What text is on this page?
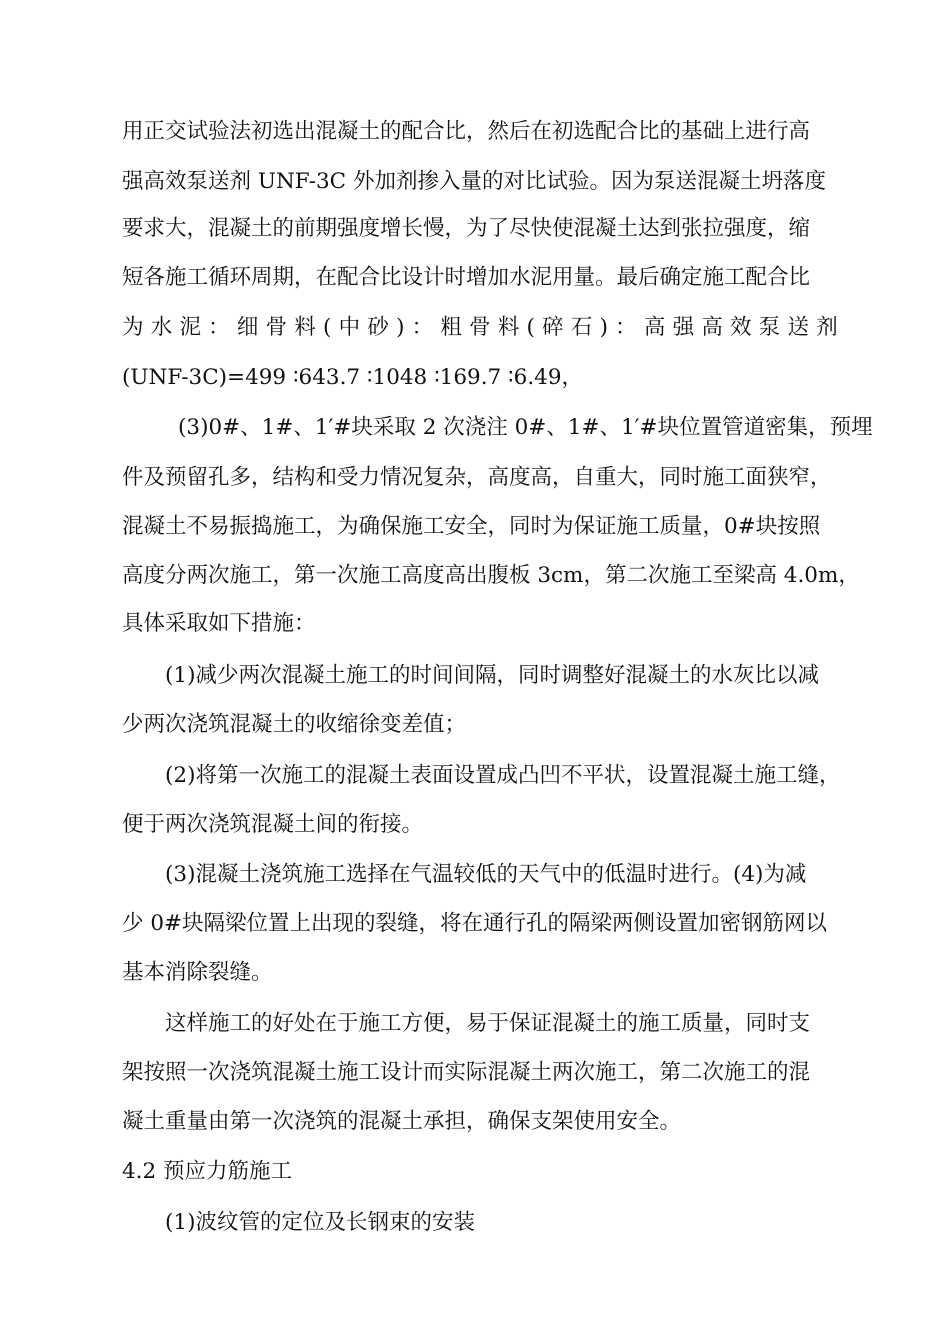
用正交试验法初选出混凝土的配合比，然后在初选配合比的基础上进行高
强高效泵送剂 UNF-3C 外加剂掺入量的对比试验。因为泵送混凝土坍落度
要求大，混凝土的前期强度增长慢，为了尽快使混凝土达到张拉强度，缩
短各施工循环周期，在配合比设计时增加水泥用量。最后确定施工配合比
为 水 泥 ： 细 骨 料 ( 中 砂 ) ： 粗 骨 料 ( 碎 石 ) ： 高 强 高 效 泵 送 剂
(UNF-3C)=499 ∶643.7 ∶1048 ∶169.7 ∶6.49，
(3)0#、1#、1′#块采取 2 次浇注 0#、1#、1′#块位置管道密集，预埋
件及预留孔多，结构和受力情况复杂，高度高，自重大，同时施工面狭窄，
混凝土不易振捣施工，为确保施工安全，同时为保证施工质量，0#块按照
高度分两次施工，第一次施工高度高出腹板 3cm，第二次施工至梁高 4.0m，
具体采取如下措施：
(1)减少两次混凝土施工的时间间隔，同时调整好混凝土的水灰比以减
少两次浇筑混凝土的收缩徐变差值；
(2)将第一次施工的混凝土表面设置成凸凹不平状，设置混凝土施工缝，
便于两次浇筑混凝土间的衔接。
(3)混凝土浇筑施工选择在气温较低的天气中的低温时进行。(4)为减
少 0#块隔梁位置上出现的裂缝，将在通行孔的隔梁两侧设置加密钢筋网以
基本消除裂缝。
这样施工的好处在于施工方便，易于保证混凝土的施工质量，同时支
架按照一次浇筑混凝土施工设计而实际混凝土两次施工，第二次施工的混
凝土重量由第一次浇筑的混凝土承担，确保支架使用安全。
4.2 预应力筋施工
(1)波纹管的定位及长钢束的安装
